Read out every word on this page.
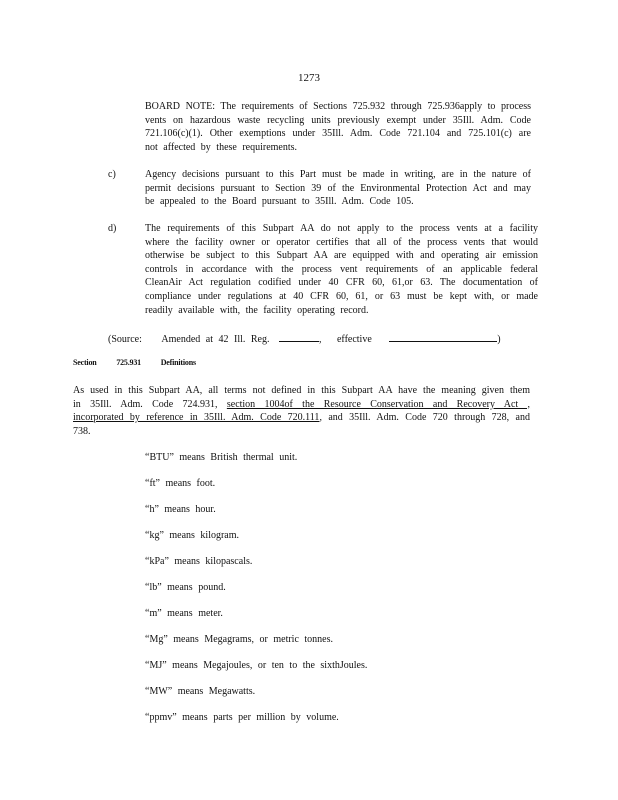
1273

BOARD NOTE: The requirements of Sections 725.932 through 725.936apply to process vents on hazardous waste recycling units previously exempt under 35Ill. Adm. Code 721.106(c)(1). Other exemptions under 35Ill. Adm. Code 721.104 and 725.101(c) are not affected by these requirements.

c)	Agency decisions pursuant to this Part must be made in writing, are in the nature of permit decisions pursuant to Section 39 of the Environmental Protection Act and may be appealed to the Board pursuant to 35Ill. Adm. Code 105.

d)	The requirements of this Subpart AA do not apply to the process vents at a facility where the facility owner or operator certifies that all of the process vents that would otherwise be subject to this Subpart AA are equipped with and operating air emission controls in accordance with the process vent requirements of an applicable federal CleanAir Act regulation codified under 40 CFR 60, 61,or 63. The documentation of compliance under regulations at 40 CFR 60, 61, or 63 must be kept with, or made readily available with, the facility operating record.

(Source: Amended at 42 Ill. Reg.	, effective	)
Section 725.931 Definitions

As used in this Subpart AA, all terms not defined in this Subpart AA have the meaning given them in 35Ill. Adm. Code 724.931, section 1004of the Resource Conservation and Recovery Act , incorporated by reference in 35Ill. Adm. Code 720.111, and 35Ill. Adm. Code 720 through 728, and 738.

“BTU” means British thermal unit.
“ft” means foot.
“h” means hour.
“kg” means kilogram.
“kPa” means kilopascals.
“lb” means pound.
“m” means meter.
“Mg” means Megagrams, or metric tonnes.
“MJ” means Megajoules, or ten to the sixthJoules.
“MW” means Megawatts.
“ppmv” means parts per million by volume.
